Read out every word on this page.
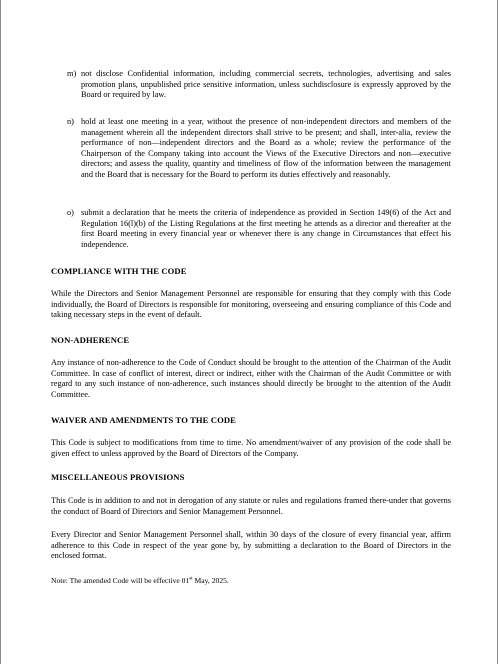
m) not disclose Confidential information, including commercial secrets, technologies, advertising and sales promotion plans, unpublished price sensitive information, unless suchdisclosure is expressly approved by the Board or required by law.
n) hold at least one meeting in a year, without the presence of non-independent directors and members of the management wherein all the independent directors shall strive to be present; and shall, inter-alia, review the performance of non—independent directors and the Board as a whole; review the performance of the Chairperson of the Company taking into account the Views of the Executive Directors and non—executive directors; and assess the quality, quantity and timeliness of flow of the information between the management and the Board that is necessary for the Board to perform its duties effectively and reasonably.
o) submit a declaration that he meets the criteria of independence as provided in Section 149(6) of the Act and Regulation 16(l)(b) of the Listing Regulations at the first meeting he attends as a director and thereafter at the first Board meeting in every financial year or whenever there is any change in Circumstances that effect his independence.
COMPLIANCE WITH THE CODE
While the Directors and Senior Management Personnel are responsible for ensuring that they comply with this Code individually, the Board of Directors is responsible for monitoring, overseeing and ensuring compliance of this Code and taking necessary steps in the event of default.
NON-ADHERENCE
Any instance of non-adherence to the Code of Conduct should be brought to the attention of the Chairman of the Audit Committee. In case of conflict of interest, direct or indirect, either with the Chairman of the Audit Committee or with regard to any such instance of non-adherence, such instances should directly be brought to the attention of the Audit Committee.
WAIVER AND AMENDMENTS TO THE CODE
This Code is subject to modifications from time to time. No amendment/waiver of any provision of the code shall be given effect to unless approved by the Board of Directors of the Company.
MISCELLANEOUS PROVISIONS
This Code is in addition to and not in derogation of any statute or rules and regulations framed there-under that governs the conduct of Board of Directors and Senior Management Personnel.
Every Director and Senior Management Personnel shall, within 30 days of the closure of every financial year, affirm adherence to this Code in respect of the year gone by, by submitting a declaration to the Board of Directors in the enclosed format.
Note: The amended Code will be effective 01st May, 2025.
